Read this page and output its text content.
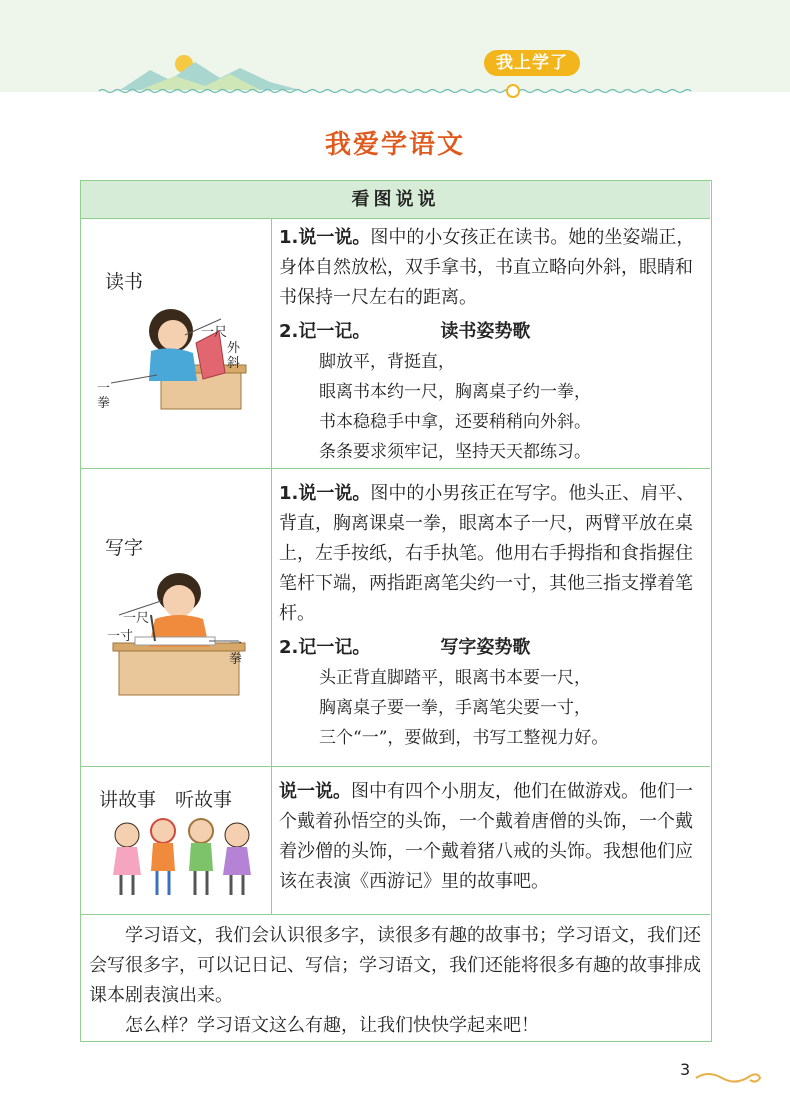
我上学了
我爱学语文
看图说说
读书
一尺
外斜
一拳

1.说一说。图中的小女孩正在读书。她的坐姿端正，身体自然放松，双手拿书，书直立略向外斜，眼睛和书保持一尺左右的距离。

2.记一记。	读书姿势歌

脚放平，背挺直，
眼离书本约一尺，胸离桌子约一拳，
书本稳稳手中拿，还要稍稍向外斜。
条条要求须牢记，坚持天天都练习。
写字
一尺
一寸
一拳

1.说一说。图中的小男孩正在写字。他头正、肩平、背直，胸离课桌一拳，眼离本子一尺，两臂平放在桌上，左手按纸，右手执笔。他用右手拇指和食指握住笔杆下端，两指距离笔尖约一寸，其他三指支撑着笔杆。

2.记一记。	写字姿势歌

头正背直脚踏平，眼离书本要一尺，
胸离桌子要一拳，手离笔尖要一寸，
三个“一”，要做到，书写工整视力好。
讲故事　听故事	说一说。图中有四个小朋友，他们在做游戏。他们一个戴着孙悟空的头饰，一个戴着唐僧的头饰，一个戴着沙僧的头饰，一个戴着猪八戒的头饰。我想他们应该在表演《西游记》里的故事吧。

学习语文，我们会认识很多字，读很多有趣的故事书；学习语文，我们还会写很多字，可以记日记、写信；学习语文，我们还能将很多有趣的故事排成课本剧表演出来。

怎么样？学习语文这么有趣，让我们快快学起来吧！

3
